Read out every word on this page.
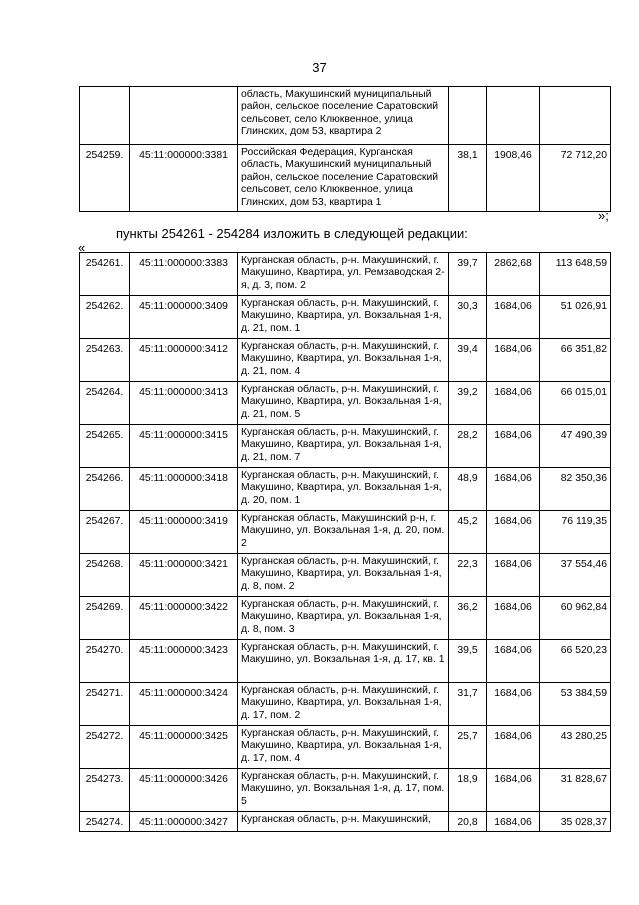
37
		область, Макушинский муниципальный район, сельское поселение Саратовский сельсовет, село Клюквенное, улица Глинских, дом 53, квартира 2			
254259.	45:11:000000:3381	Российская Федерация, Курганская область, Макушинский муниципальный район, сельское поселение Саратовский сельсовет, село Клюквенное, улица Глинских, дом 53, квартира 1	38,1	1908,46	72 712,20
»;
пункты 254261 - 254284 изложить в следующей редакции:
«
254261.	45:11:000000:3383	Курганская область, р-н. Макушинский, г. Макушино, Квартира, ул. Ремзаводская 2-я, д. 3, пом. 2	39,7	2862,68	113 648,59
254262.	45:11:000000:3409	Курганская область, р-н. Макушинский, г. Макушино, Квартира, ул. Вокзальная 1-я, д. 21, пом. 1	30,3	1684,06	51 026,91
254263.	45:11:000000:3412	Курганская область, р-н. Макушинский, г. Макушино, Квартира, ул. Вокзальная 1-я, д. 21, пом. 4	39,4	1684,06	66 351,82
254264.	45:11:000000:3413	Курганская область, р-н. Макушинский, г. Макушино, Квартира, ул. Вокзальная 1-я, д. 21, пом. 5	39,2	1684,06	66 015,01
254265.	45:11:000000:3415	Курганская область, р-н. Макушинский, г. Макушино, Квартира, ул. Вокзальная 1-я, д. 21, пом. 7	28,2	1684,06	47 490,39
254266.	45:11:000000:3418	Курганская область, р-н. Макушинский, г. Макушино, Квартира, ул. Вокзальная 1-я, д. 20, пом. 1	48,9	1684,06	82 350,36
254267.	45:11:000000:3419	Курганская область, Макушинский р-н, г. Макушино, ул. Вокзальная 1-я, д. 20, пом. 2	45,2	1684,06	76 119,35
254268.	45:11:000000:3421	Курганская область, р-н. Макушинский, г. Макушино, Квартира, ул. Вокзальная 1-я, д. 8, пом. 2	22,3	1684,06	37 554,46
254269.	45:11:000000:3422	Курганская область, р-н. Макушинский, г. Макушино, Квартира, ул. Вокзальная 1-я, д. 8, пом. 3	36,2	1684,06	60 962,84
254270.	45:11:000000:3423	Курганская область, р-н. Макушинский, г. Макушино, ул. Вокзальная 1-я, д. 17, кв. 1	39,5	1684,06	66 520,23
254271.	45:11:000000:3424	Курганская область, р-н. Макушинский, г. Макушино, Квартира, ул. Вокзальная 1-я, д. 17, пом. 2	31,7	1684,06	53 384,59
254272.	45:11:000000:3425	Курганская область, р-н. Макушинский, г. Макушино, Квартира, ул. Вокзальная 1-я, д. 17, пом. 4	25,7	1684,06	43 280,25
254273.	45:11:000000:3426	Курганская область, р-н. Макушинский, г. Макушино, ул. Вокзальная 1-я, д. 17, пом. 5	18,9	1684,06	31 828,67
254274.	45:11:000000:3427	Курганская область, р-н. Макушинский,	20,8	1684,06	35 028,37
